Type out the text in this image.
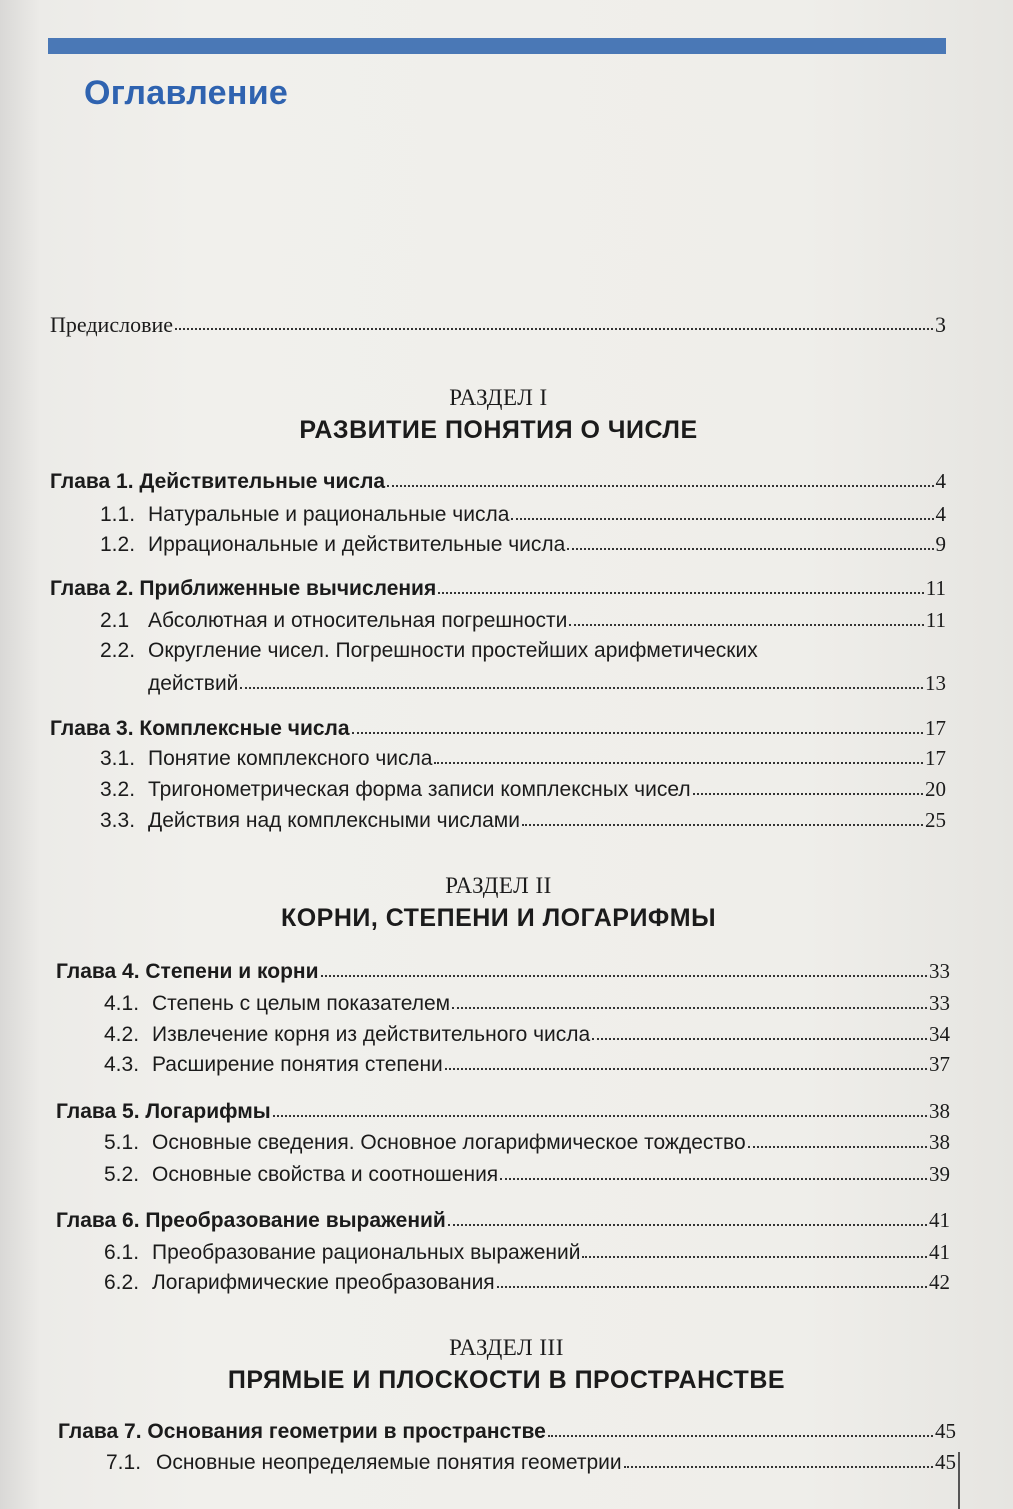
Оглавление
Предисловие	3
РАЗДЕЛ I
РАЗВИТИЕ ПОНЯТИЯ О ЧИСЛЕ
Глава 1. Действительные числа	4
1.1. Натуральные и рациональные числа	4
1.2. Иррациональные и действительные числа	9
Глава 2. Приближенные вычисления	11
2.1 Абсолютная и относительная погрешности	11
2.2. Округление чисел. Погрешности простейших арифметических
действий	13
Глава 3. Комплексные числа	17
3.1. Понятие комплексного числа	17
3.2. Тригонометрическая форма записи комплексных чисел	20
3.3. Действия над комплексными числами	25
РАЗДЕЛ II
КОРНИ, СТЕПЕНИ И ЛОГАРИФМЫ
Глава 4. Степени и корни	33
4.1. Степень с целым показателем	33
4.2. Извлечение корня из действительного числа	34
4.3. Расширение понятия степени	37
Глава 5. Логарифмы	38
5.1. Основные сведения. Основное логарифмическое тождество	38
5.2. Основные свойства и соотношения	39
Глава 6. Преобразование выражений	41
6.1. Преобразование рациональных выражений	41
6.2. Логарифмические преобразования	42
РАЗДЕЛ III
ПРЯМЫЕ И ПЛОСКОСТИ В ПРОСТРАНСТВЕ
Глава 7. Основания геометрии в пространстве	45
7.1. Основные неопределяемые понятия геометрии	45
